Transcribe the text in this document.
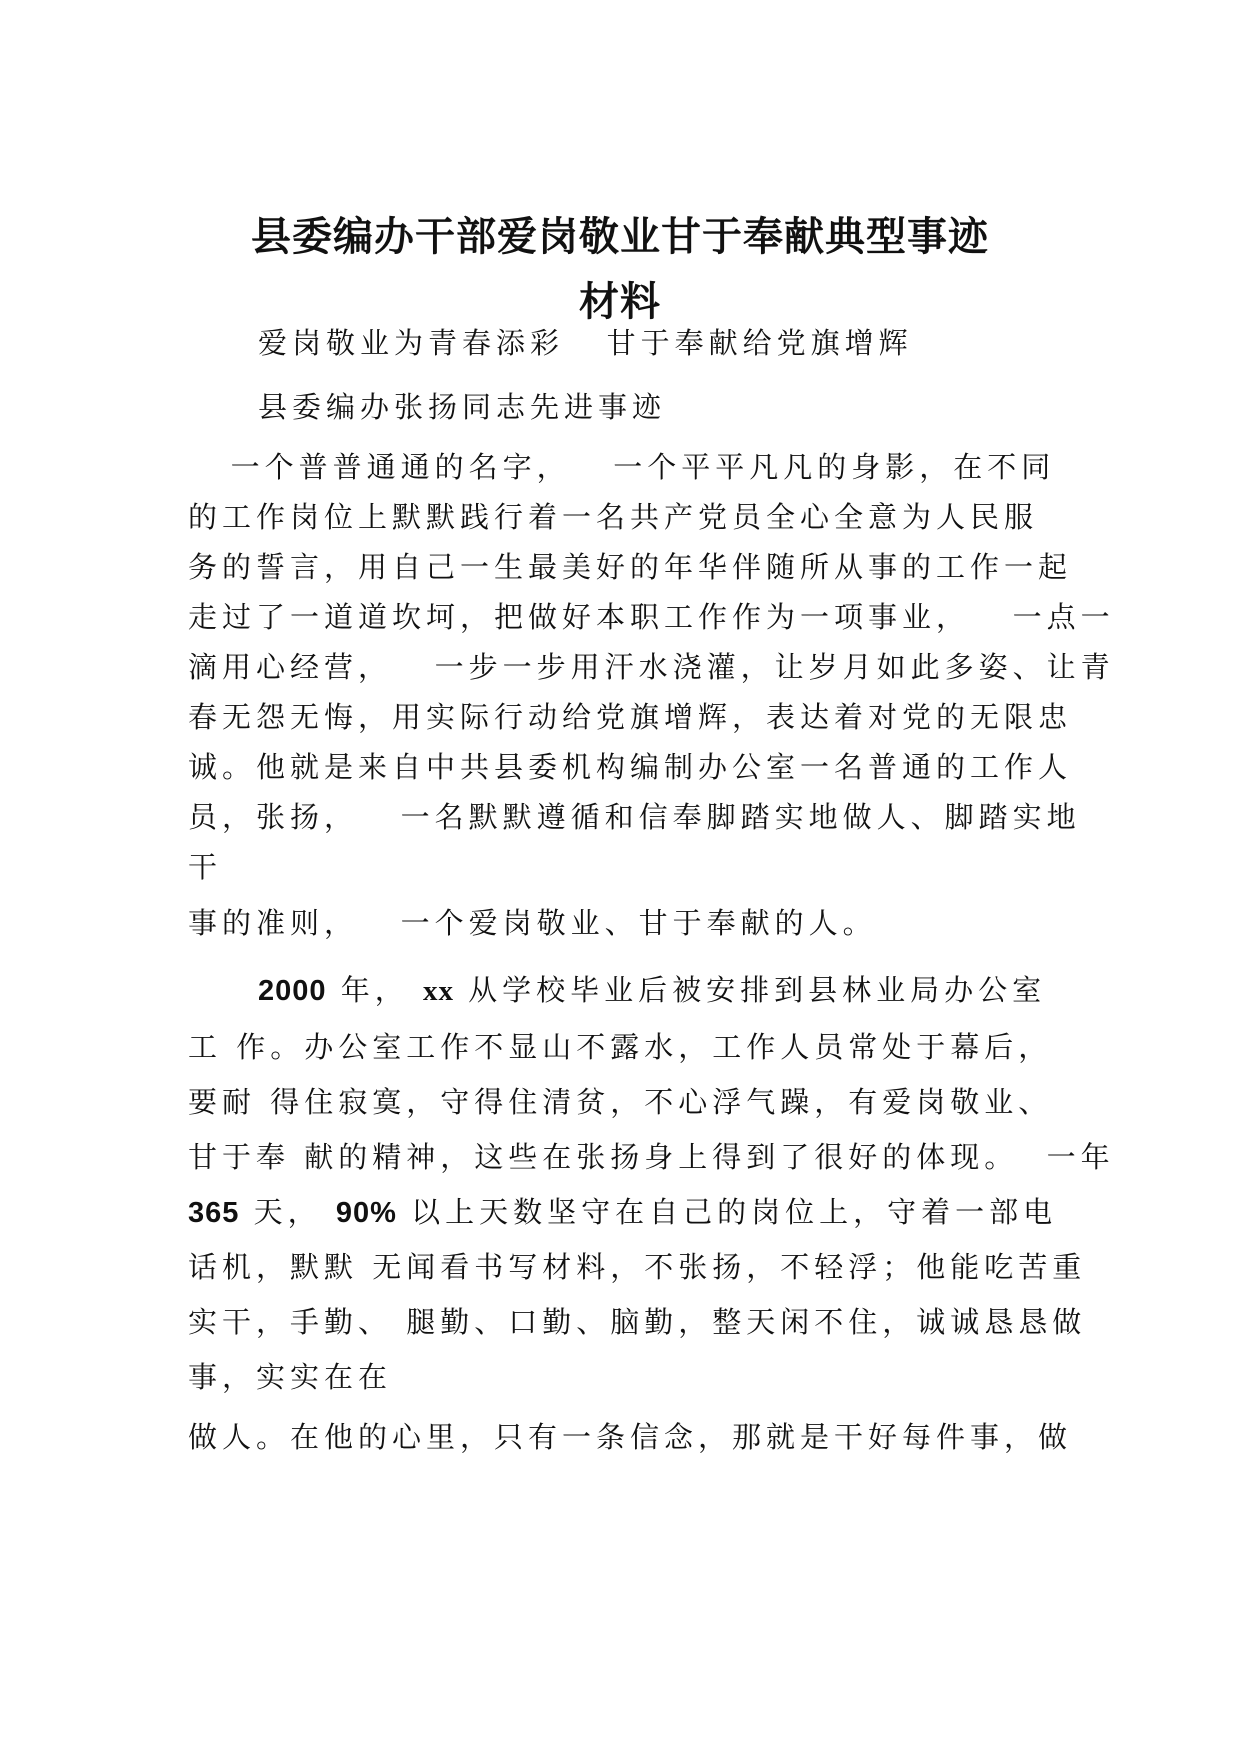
县委编办干部爱岗敬业甘于奉献典型事迹
材料

爱岗敬业为青春添彩   甘于奉献给党旗增辉

县委编办张扬同志先进事迹

一个普普通通的名字，   一个平平凡凡的身影，在不同

的工作岗位上默默践行着一名共产党员全心全意为人民服

务的誓言，用自己一生最美好的年华伴随所从事的工作一起

走过了一道道坎坷，把做好本职工作作为一项事业，   一点一

滴用心经营，   一步一步用汗水浇灌，让岁月如此多姿、让青

春无怨无悔，用实际行动给党旗增辉，表达着对党的无限忠

诚。他就是来自中共县委机构编制办公室一名普通的工作人

员，张扬，   一名默默遵循和信奉脚踏实地做人、脚踏实地

干

事的准则，   一个爱岗敬业、甘于奉献的人。

2000 年， xx 从学校毕业后被安排到县林业局办公室

工 作。办公室工作不显山不露水，工作人员常处于幕后，

要耐 得住寂寞，守得住清贫，不心浮气躁，有爱岗敬业、

甘于奉 献的精神，这些在张扬身上得到了很好的体现。  一年

365 天， 90% 以上天数坚守在自己的岗位上，守着一部电

话机，默默 无闻看书写材料，不张扬，不轻浮；他能吃苦重

实干，手勤、 腿勤、口勤、脑勤，整天闲不住，诚诚恳恳做

事，实实在在

做人。在他的心里，只有一条信念，那就是干好每件事，做
